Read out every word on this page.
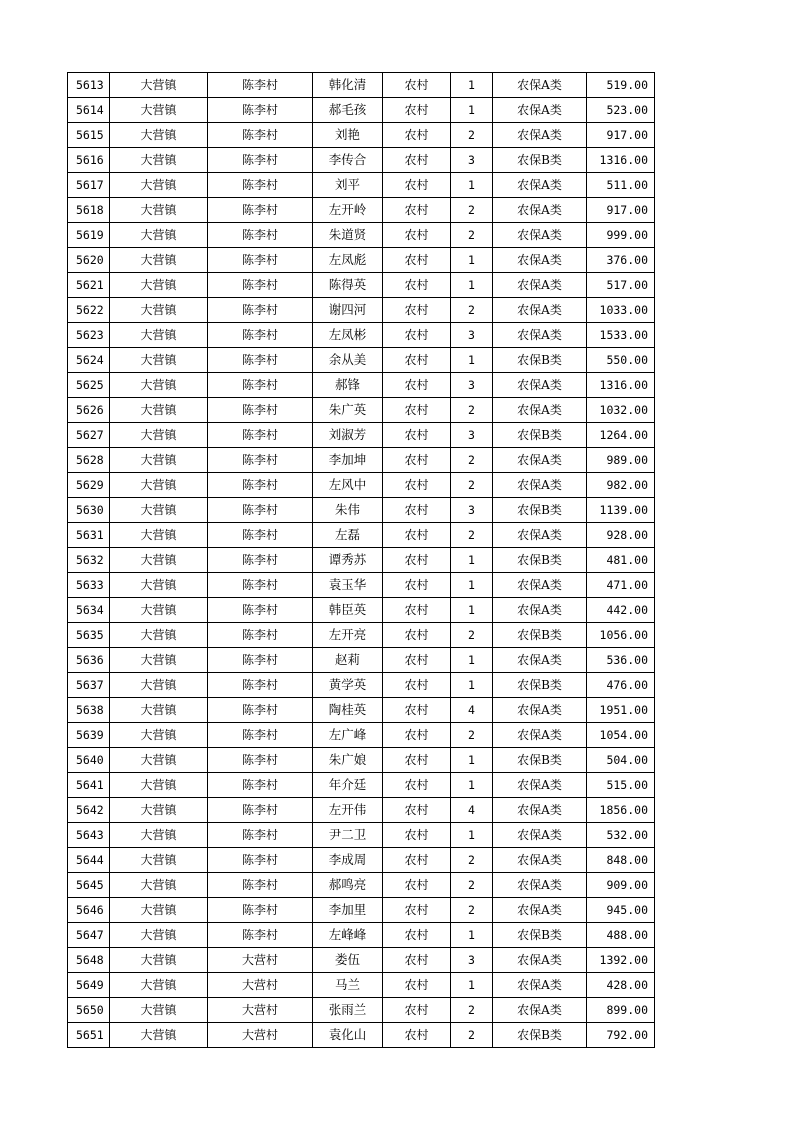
5613	大营镇	陈李村	韩化清	农村	1	农保A类	519.00
5614	大营镇	陈李村	郝毛孩	农村	1	农保A类	523.00
5615	大营镇	陈李村	刘艳	农村	2	农保A类	917.00
5616	大营镇	陈李村	李传合	农村	3	农保B类	1316.00
5617	大营镇	陈李村	刘平	农村	1	农保A类	511.00
5618	大营镇	陈李村	左开岭	农村	2	农保A类	917.00
5619	大营镇	陈李村	朱道贤	农村	2	农保A类	999.00
5620	大营镇	陈李村	左凤彪	农村	1	农保A类	376.00
5621	大营镇	陈李村	陈得英	农村	1	农保A类	517.00
5622	大营镇	陈李村	谢四河	农村	2	农保A类	1033.00
5623	大营镇	陈李村	左凤彬	农村	3	农保A类	1533.00
5624	大营镇	陈李村	余从美	农村	1	农保B类	550.00
5625	大营镇	陈李村	郝锋	农村	3	农保A类	1316.00
5626	大营镇	陈李村	朱广英	农村	2	农保A类	1032.00
5627	大营镇	陈李村	刘淑芳	农村	3	农保B类	1264.00
5628	大营镇	陈李村	李加坤	农村	2	农保A类	989.00
5629	大营镇	陈李村	左风中	农村	2	农保A类	982.00
5630	大营镇	陈李村	朱伟	农村	3	农保B类	1139.00
5631	大营镇	陈李村	左磊	农村	2	农保A类	928.00
5632	大营镇	陈李村	谭秀苏	农村	1	农保B类	481.00
5633	大营镇	陈李村	袁玉华	农村	1	农保A类	471.00
5634	大营镇	陈李村	韩臣英	农村	1	农保A类	442.00
5635	大营镇	陈李村	左开亮	农村	2	农保B类	1056.00
5636	大营镇	陈李村	赵莉	农村	1	农保A类	536.00
5637	大营镇	陈李村	黄学英	农村	1	农保B类	476.00
5638	大营镇	陈李村	陶桂英	农村	4	农保A类	1951.00
5639	大营镇	陈李村	左广峰	农村	2	农保A类	1054.00
5640	大营镇	陈李村	朱广娘	农村	1	农保B类	504.00
5641	大营镇	陈李村	年介廷	农村	1	农保A类	515.00
5642	大营镇	陈李村	左开伟	农村	4	农保A类	1856.00
5643	大营镇	陈李村	尹二卫	农村	1	农保A类	532.00
5644	大营镇	陈李村	李成周	农村	2	农保A类	848.00
5645	大营镇	陈李村	郝鸣亮	农村	2	农保A类	909.00
5646	大营镇	陈李村	李加里	农村	2	农保A类	945.00
5647	大营镇	陈李村	左峰峰	农村	1	农保B类	488.00
5648	大营镇	大营村	娄伍	农村	3	农保A类	1392.00
5649	大营镇	大营村	马兰	农村	1	农保A类	428.00
5650	大营镇	大营村	张雨兰	农村	2	农保A类	899.00
5651	大营镇	大营村	袁化山	农村	2	农保B类	792.00
